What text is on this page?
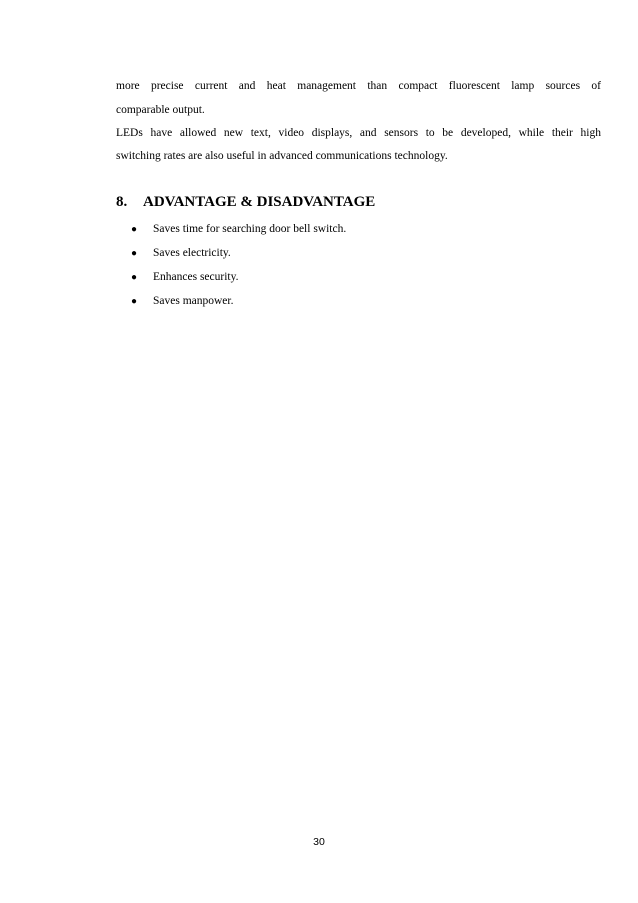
more precise current and heat management than compact fluorescent lamp sources of
comparable output.
LEDs have allowed new text, video displays, and sensors to be developed, while their high
switching rates are also useful in advanced communications technology.
8. ADVANTAGE & DISADVANTAGE
● Saves time for searching door bell switch.
● Saves electricity.
● Enhances security.
● Saves manpower.
30
